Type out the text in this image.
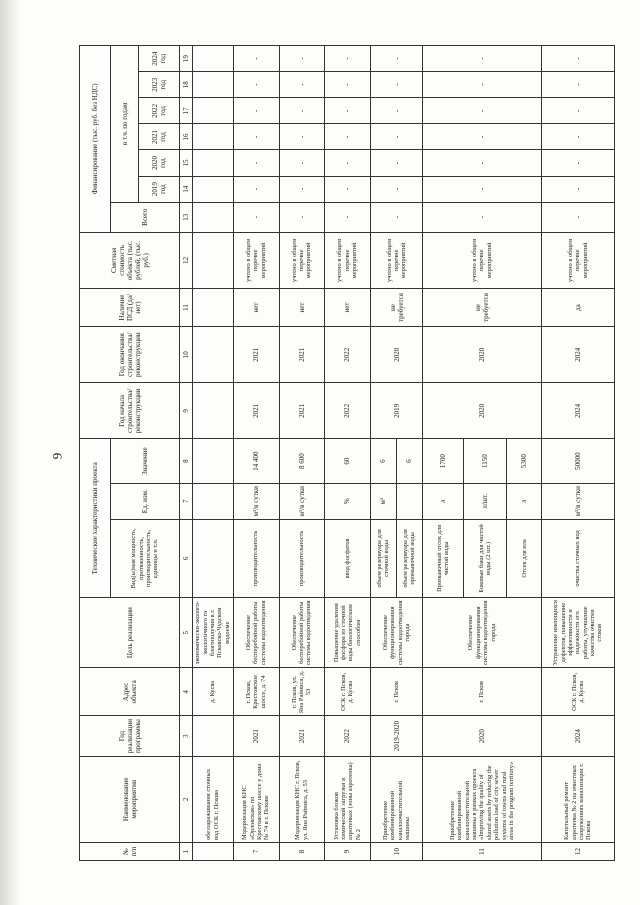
9
№ п/п	Наименование мероприятия	Год реализации программы	Адрес объекта	Цель реализации	Технические характеристики проекта			Год начала строительства/реконструкции	Год окончания строительства/реконструкции	Наличие ПСД (да/нет)	Сметная стоимость объекта (тыс. рублей, (тыс. руб.)	Финансирование (тыс. руб. без НДС)						
					Вид(ы)мая мощность, протяженность, производительность, единицы и т.п.	Ед. изм.	Значение					Всего	в т.ч. по годам					
													2019 год	2020 год	2021 год	2022 год	2023 год	2024 год
1	2	3	4	5	6	7	8	9	10	11	12	13	14	15	16	17	18	19
	обеззараживания сточных вод ОСК г. Пскова		д. Кусва	экономически-эколого-экологичного го благополучия в г. Псковско-Чудском водоеме														
7	Модернизация КНС «Орловская» по Крестовскому шоссе у дома № 74 в г. Пскове	2021	г. Псков, Крестовское шоссе, д. 74	Обеспечение бесперебойной работы системы водоотведения	производительность	м³/в сутки	14 400	2021	2021	нет	учтено в общем перечне мероприятий	-	-	-	-	-	-	-
8	Модернизация КНС г. Псков, ул. Яна Райниса, д. 53	2021	г. Псков, ул. Яна Райниса, д. 53	Обеспечение бесперебойной работы системы водоотведения	производительность	м³/в сутки	8 600	2021	2021	нет	учтено в общем перечне мероприятий	-	-	-	-	-	-	-
9	Установка блоков химической загрузки в аэротенках (зоны аэротенка) № 2	2022	ОСК г. Псков, д. Кусва	Повышение удаления фосфора из сточной воды биологическим способом	ввод фосфатов	%	60	2022	2022	нет	учтено в общем перечне мероприятий	-	-	-	-	-	-	-
10	Приобретение комбинированной каналоочистительной машины	2019-2020	г. Псков	Обеспечение функционирования системы водоотведения города	объем резервуара для сточной воды	м³	6	2019	2020	не требуется	учтено в общем перечне мероприятий	-	-	-	-	-	-	-
					объем резервуара для промывочной воды		6											
11	Приобретение комбинированной каналоочистительной машины в рамках проекта «Improving the quality of shared assets by reducing the pollution load of city sewer systems of towns and rural areas in the program territory»	2020	г. Псков	Обеспечение функционирования системы водоотведения города	Промывочный отсек для чистой воды	л	1700	2020	2020	не требуется	учтено в общем перечне мероприятий	-	-	-	-	-	-	-
					Боковые баки для чистой воды (2 шт.)	л/шт.	1150											
					Отсек для ила	л	5300											
12	Капитальный ремонт аэротенка № 2 на очистных сооружениях канализации г. Пскова	2024	ОСК г. Псков, д. Кусва	Устранение имеющихся дефектов, повышение эффективности и надежности его работы, улучшение качества очистки стоков	очистка сточных вод	м³/в сутки	50000	2024	2024	да	учтено в общем перечне мероприятий	-	-	-	-	-	-	-
